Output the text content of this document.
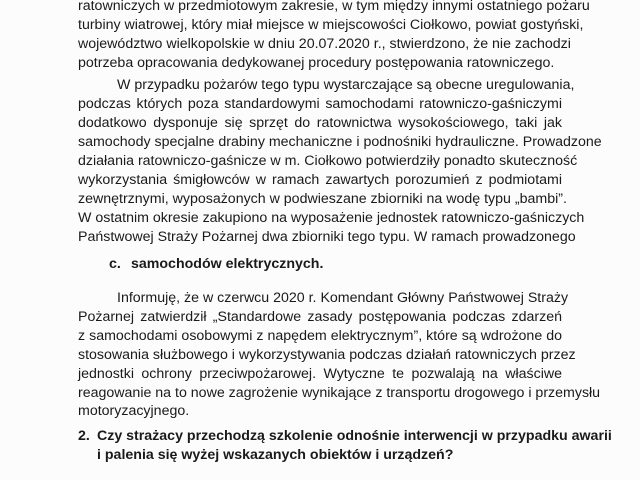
ratowniczych w przedmiotowym zakresie, w tym między innymi ostatniego pożaru
turbiny wiatrowej, który miał miejsce w miejscowości Ciołkowo, powiat gostyński,
województwo wielkopolskie w dniu 20.07.2020 r., stwierdzono, że nie zachodzi
potrzeba opracowania dedykowanej procedury postępowania ratowniczego.
W przypadku pożarów tego typu wystarczające są obecne uregulowania,
podczas których poza standardowymi samochodami ratowniczo-gaśniczymi
dodatkowo dysponuje się sprzęt do ratownictwa wysokościowego, taki jak
samochody specjalne drabiny mechaniczne i podnośniki hydrauliczne. Prowadzone
działania ratowniczo-gaśnicze w m. Ciołkowo potwierdziły ponadto skuteczność
wykorzystania śmigłowców w ramach zawartych porozumień z podmiotami
zewnętrznymi, wyposażonych w podwieszane zbiorniki na wodę typu „bambi”.
W ostatnim okresie zakupiono na wyposażenie jednostek ratowniczo-gaśniczych
Państwowej Straży Pożarnej dwa zbiorniki tego typu. W ramach prowadzonego
c. samochodów elektrycznych.
Informuję, że w czerwcu 2020 r. Komendant Główny Państwowej Straży
Pożarnej zatwierdził „Standardowe zasady postępowania podczas zdarzeń
z samochodami osobowymi z napędem elektrycznym”, które są wdrożone do
stosowania służbowego i wykorzystywania podczas działań ratowniczych przez
jednostki ochrony przeciwpożarowej. Wytyczne te pozwalają na właściwe
reagowanie na to nowe zagrożenie wynikające z transportu drogowego i przemysłu
motoryzacyjnego.
2. Czy strażacy przechodzą szkolenie odnośnie interwencji w przypadku awarii
i palenia się wyżej wskazanych obiektów i urządzeń?
